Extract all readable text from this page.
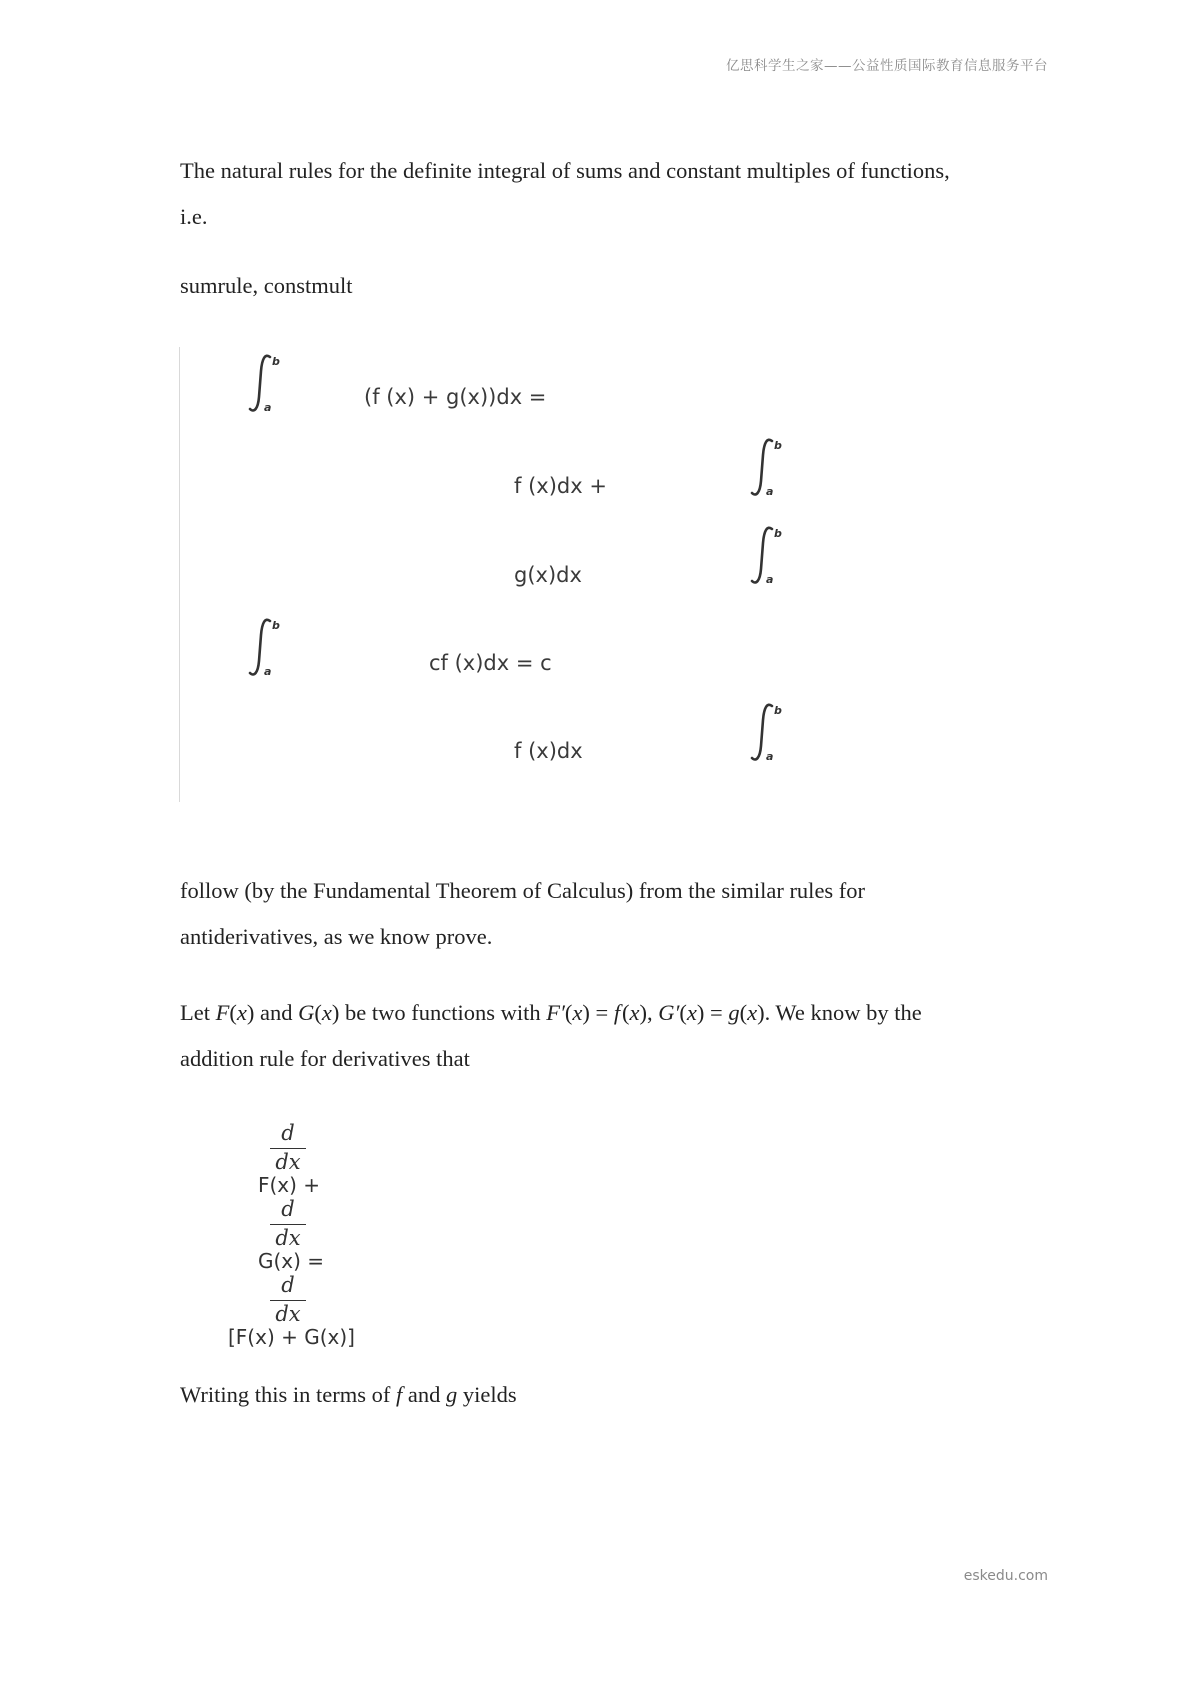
亿思科学生之家——公益性质国际教育信息服务平台

The natural rules for the definite integral of sums and constant multiples of functions,
i.e.

sumrule, constmult

b
a	(f (x) + g(x))dx =
b
a
f (x)dx +
b
a
g(x)dx
b
a	cf (x)dx = c
b
a
f (x)dx

follow (by the Fundamental Theorem of Calculus) from the similar rules for
antiderivatives, as we know prove.

Let F(x) and G(x) be two functions with F′(x) = f (x), G′(x) = g(x). We know by the
addition rule for derivatives that

d
dx
F(x) +
d
dx
G(x) =
d
dx
[F(x) + G(x)]

Writing this in terms of f and g yields

eskedu.com
